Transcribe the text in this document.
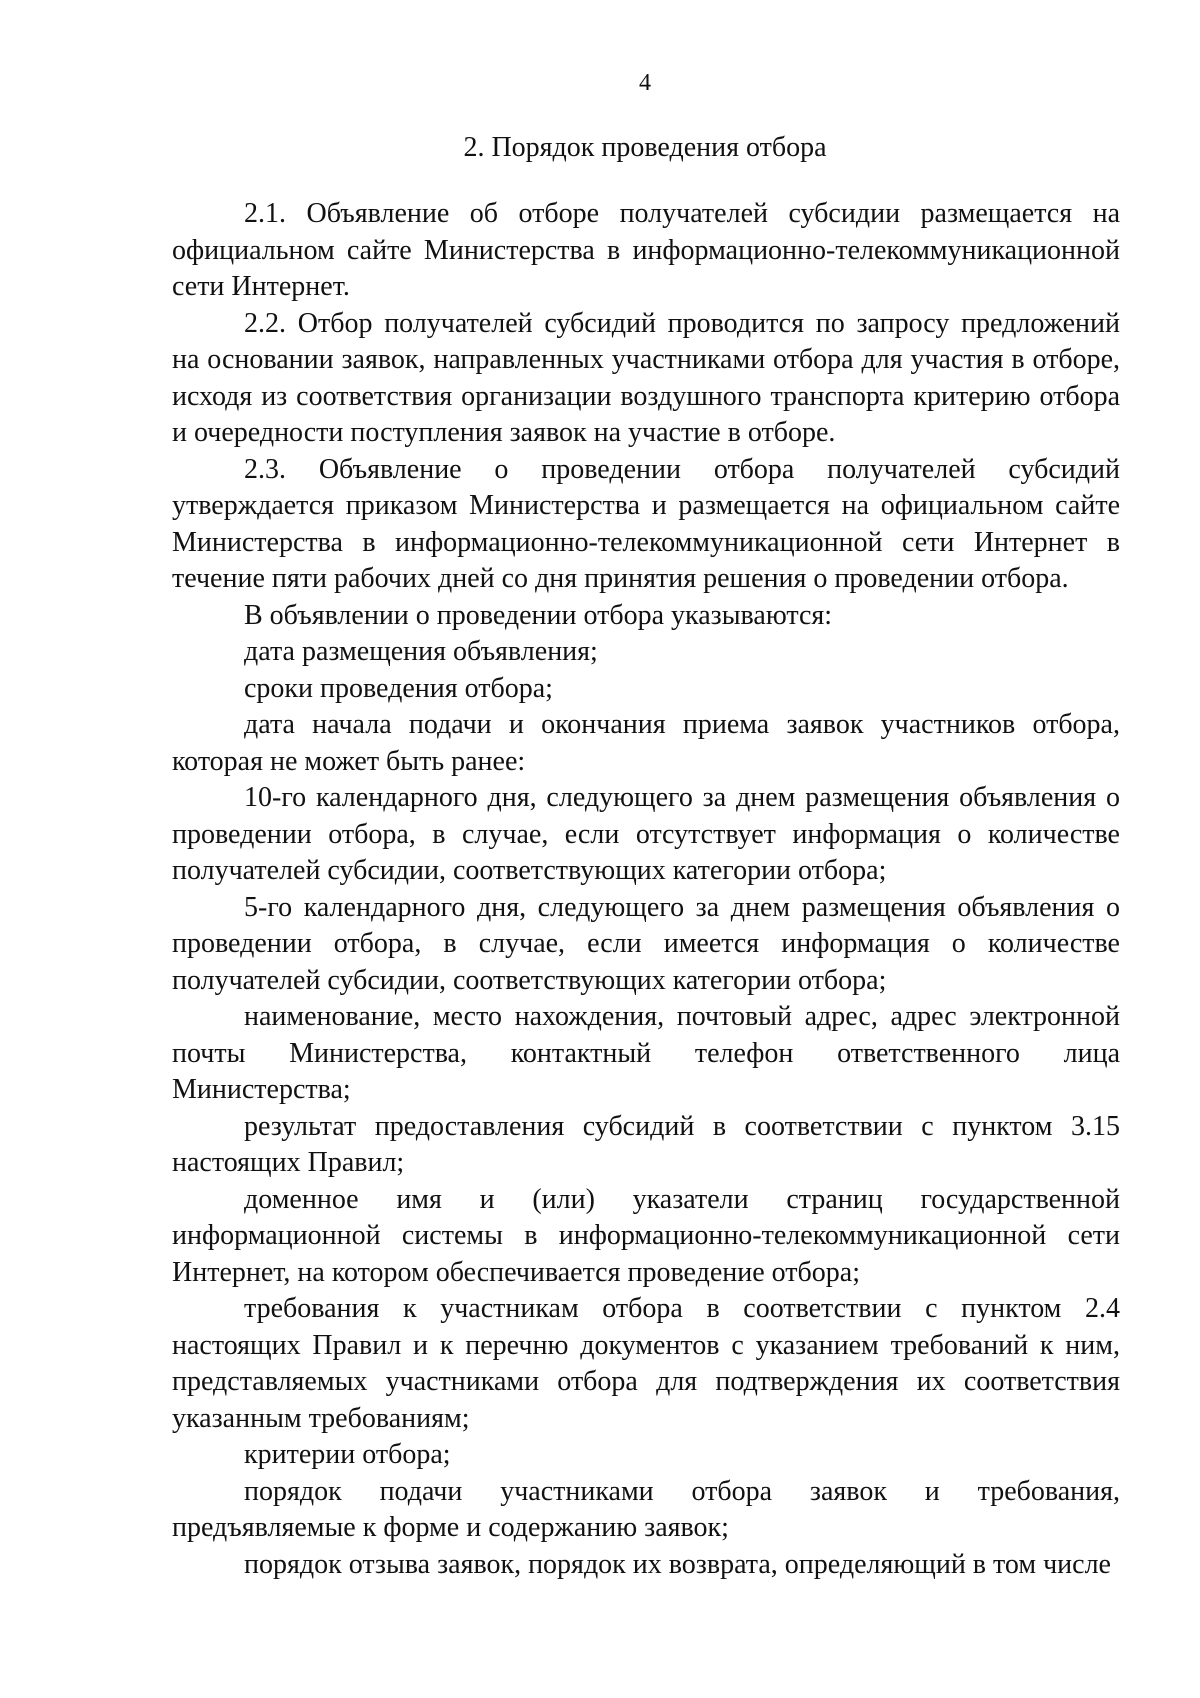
4
2. Порядок проведения отбора

2.1. Объявление об отборе получателей субсидии размещается на официальном сайте Министерства в информационно-телекоммуникационной сети Интернет.

2.2. Отбор получателей субсидий проводится по запросу предложений на основании заявок, направленных участниками отбора для участия в отборе, исходя из соответствия организации воздушного транспорта критерию отбора и очередности поступления заявок на участие в отборе.

2.3. Объявление о проведении отбора получателей субсидий утверждается приказом Министерства и размещается на официальном сайте Министерства в информационно-телекоммуникационной сети Интернет в течение пяти рабочих дней со дня принятия решения о проведении отбора.

В объявлении о проведении отбора указываются:

дата размещения объявления;

сроки проведения отбора;

дата начала подачи и окончания приема заявок участников отбора, которая не может быть ранее:

10-го календарного дня, следующего за днем размещения объявления о проведении отбора, в случае, если отсутствует информация о количестве получателей субсидии, соответствующих категории отбора;

5-го календарного дня, следующего за днем размещения объявления о проведении отбора, в случае, если имеется информация о количестве получателей субсидии, соответствующих категории отбора;

наименование, место нахождения, почтовый адрес, адрес электронной почты Министерства, контактный телефон ответственного лица Министерства;

результат предоставления субсидий в соответствии с пунктом 3.15 настоящих Правил;

доменное имя и (или) указатели страниц государственной информационной системы в информационно-телекоммуникационной сети Интернет, на котором обеспечивается проведение отбора;

требования к участникам отбора в соответствии с пунктом 2.4 настоящих Правил и к перечню документов с указанием требований к ним, представляемых участниками отбора для подтверждения их соответствия указанным требованиям;

критерии отбора;

порядок подачи участниками отбора заявок и требования, предъявляемые к форме и содержанию заявок;

порядок отзыва заявок, порядок их возврата, определяющий в том числе
